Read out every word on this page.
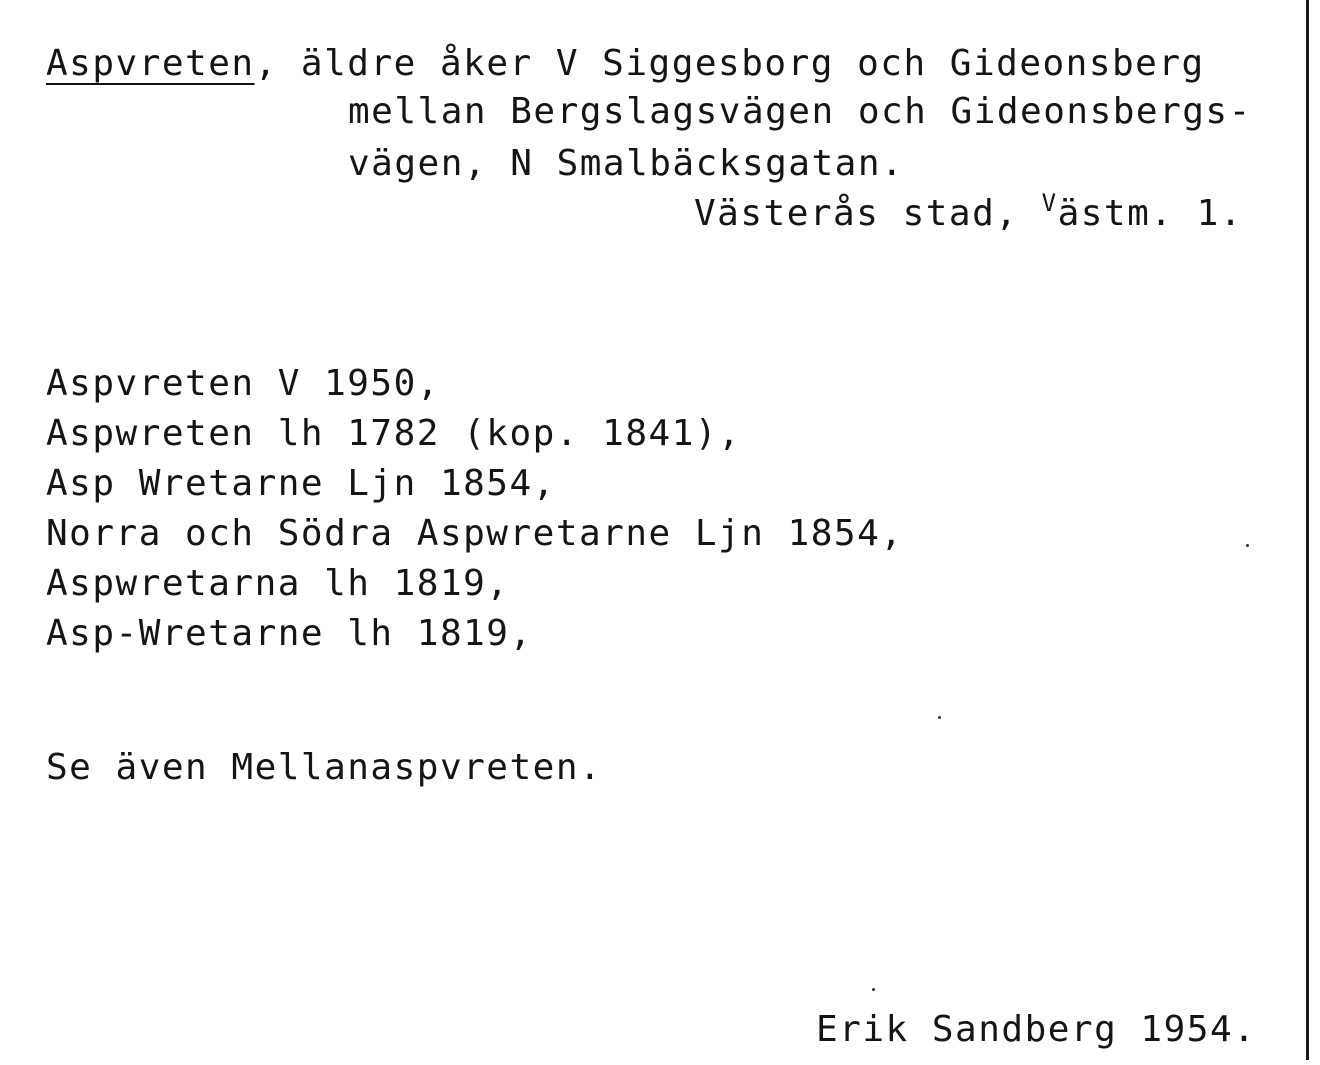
Aspvreten, äldre åker V Siggesborg och Gideonsberg
mellan Bergslagsvägen och Gideonsbergs-
vägen, N Smalbäcksgatan.
Västerås stad, $^V$ästm. 1.
Aspvreten V 1950,
Aspwreten lh 1782 (kop. 1841),
Asp Wretarne Ljn 1854,
Norra och Södra Aspwretarne Ljn 1854,
Aspwretarna lh 1819,
Asp-Wretarne lh 1819,
Se även Mellanaspvreten.
Erik Sandberg 1954.
